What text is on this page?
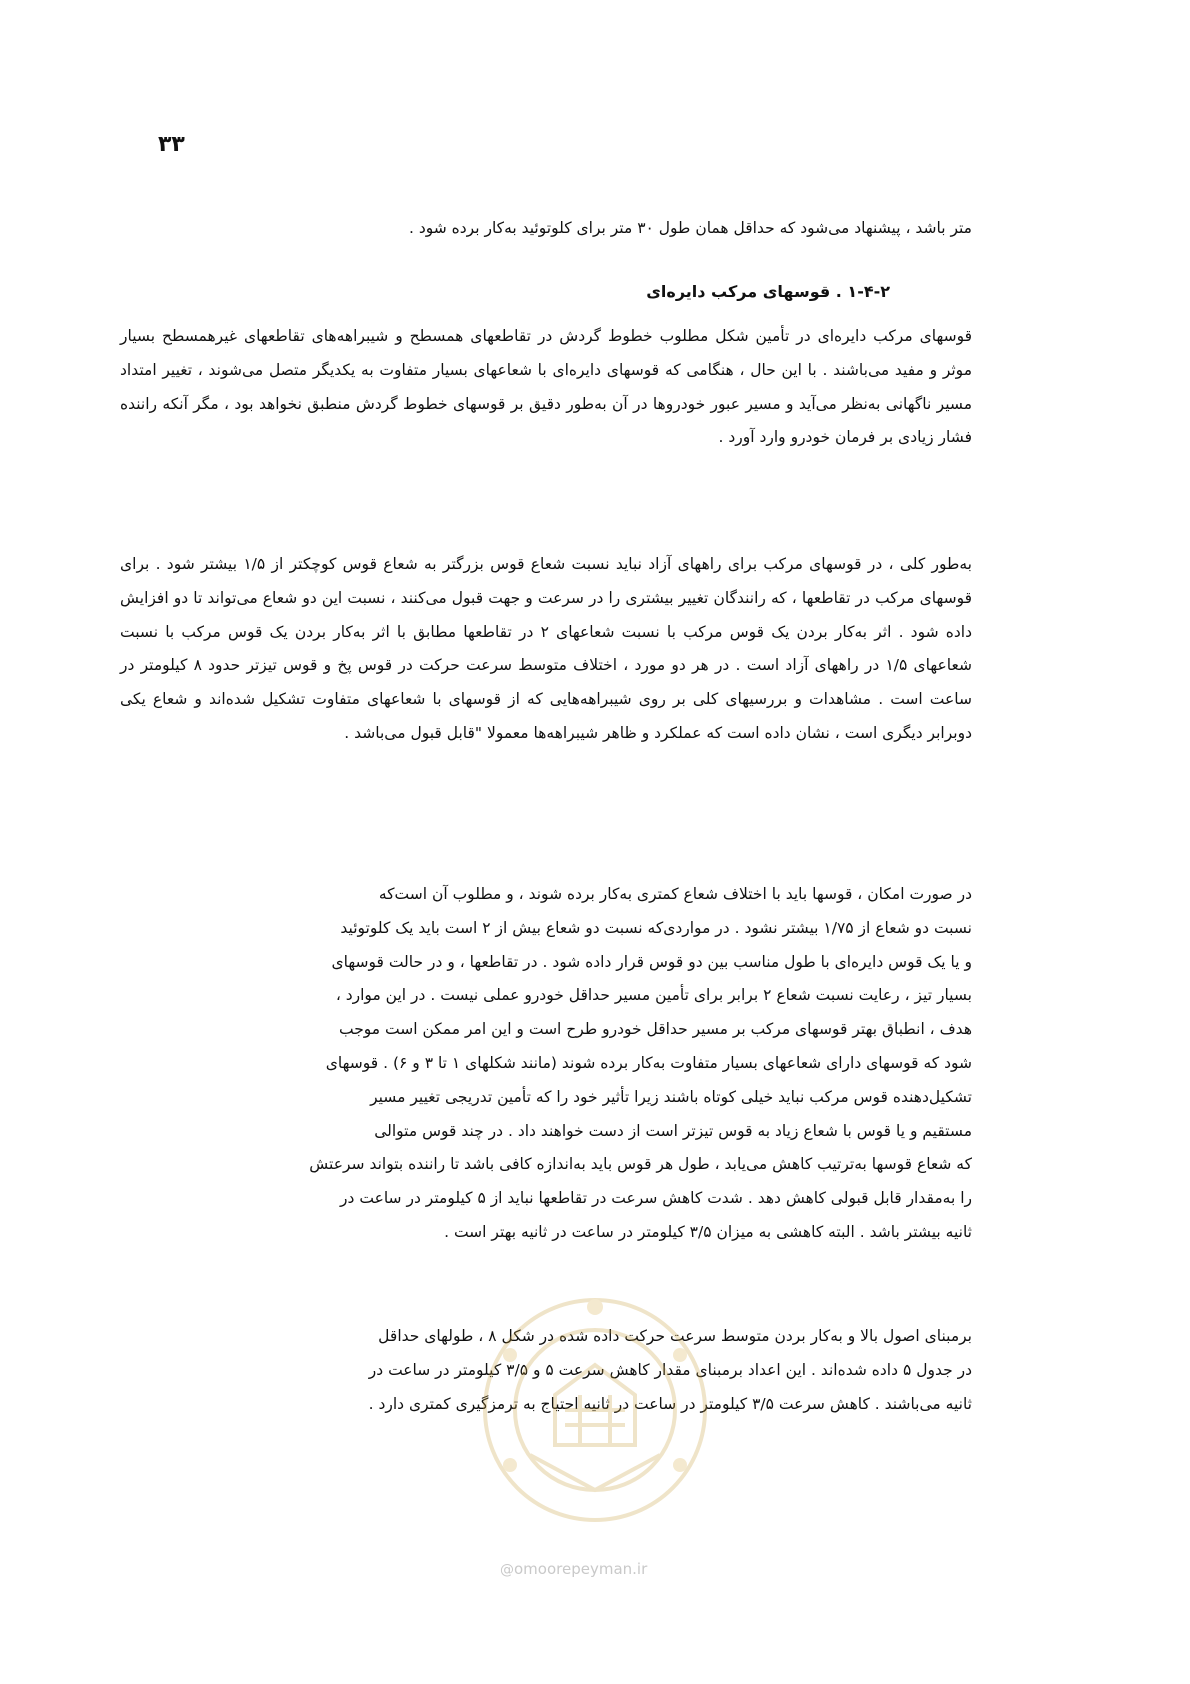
۳۳

متر باشد ، پیشنهاد می‌شود که حداقل همان طول ۳۰ متر برای کلوتوئید به‌کار برده شود .

۱-۴-۲ . قوسهای مرکب دایره‌ای

قوسهای مرکب دایره‌ای در تأمین شکل مطلوب خطوط گردش در تقاطعهای همسطح و شیبراهه‌های تقاطعهای غیرهمسطح بسیار موثر و مفید می‌باشند . با این حال ، هنگامی که قوسهای دایره‌ای با شعاعهای بسیار متفاوت به یکدیگر متصل می‌شوند ، تغییر امتداد مسیر ناگهانی به‌نظر می‌آید و مسیر عبور خودروها در آن به‌طور دقیق بر قوسهای خطوط گردش منطبق نخواهد بود ، مگر آنکه راننده فشار زیادی بر فرمان خودرو وارد آورد .

به‌طور کلی ، در قوسهای مرکب برای راههای آزاد نباید نسبت شعاع قوس بزرگتر به شعاع قوس کوچکتر از ۱/۵ بیشتر شود . برای قوسهای مرکب در تقاطعها ، که رانندگان تغییر بیشتری را در سرعت و جهت قبول می‌کنند ، نسبت این دو شعاع می‌تواند تا دو افزایش داده شود . اثر به‌کار بردن یک قوس مرکب با نسبت شعاعهای ۲ در تقاطعها مطابق با اثر به‌کار بردن یک قوس مرکب با نسبت شعاعهای ۱/۵ در راههای آزاد است . در هر دو مورد ، اختلاف متوسط سرعت حرکت در قوس پخ و قوس تیزتر حدود ۸ کیلومتر در ساعت است . مشاهدات و بررسیهای کلی بر روی شیبراهه‌هایی که از قوسهای با شعاعهای متفاوت تشکیل شده‌اند و شعاع یکی دوبرابر دیگری است ، نشان داده است که عملکرد و ظاهر شیبراهه‌ها معمولا "قابل قبول می‌باشد .

در صورت امکان ، قوسها باید با اختلاف شعاع کمتری به‌کار برده شوند ، و مطلوب آن است‌که

نسبت دو شعاع از ۱/۷۵ بیشتر نشود . در مواردی‌که نسبت دو شعاع بیش از ۲ است باید یک کلوتوئید

و یا یک قوس دایره‌ای با طول مناسب بین دو قوس قرار داده شود . در تقاطعها ، و در حالت قوسهای

بسیار تیز ، رعایت نسبت شعاع ۲ برابر برای تأمین مسیر حداقل خودرو عملی نیست . در این موارد ،

هدف ، انطباق بهتر قوسهای مرکب بر مسیر حداقل خودرو طرح است و این امر ممکن است موجب

شود که قوسهای دارای شعاعهای بسیار متفاوت به‌کار برده شوند (مانند شکلهای ۱ تا ۳ و ۶) . قوسهای

تشکیل‌دهنده قوس مرکب نباید خیلی کوتاه باشند زیرا تأثیر خود را که تأمین تدریجی تغییر مسیر

مستقیم و یا قوس با شعاع زیاد به قوس تیزتر است از دست خواهند داد . در چند قوس متوالی

که شعاع قوسها به‌ترتیب کاهش می‌یابد ، طول هر قوس باید به‌اندازه کافی باشد تا راننده بتواند سرعتش

را به‌مقدار قابل قبولی کاهش دهد . شدت کاهش سرعت در تقاطعها نباید از ۵ کیلومتر در ساعت در

ثانیه بیشتر باشد . البته کاهشی به میزان ۳/۵ کیلومتر در ساعت در ثانیه بهتر است .

برمبنای اصول بالا و به‌کار بردن متوسط سرعت حرکت داده شده در شکل ۸ ، طولهای حداقل

در جدول ۵ داده شده‌اند . این اعداد برمبنای مقدار کاهش سرعت ۵ و ۳/۵ کیلومتر در ساعت در

ثانیه می‌باشند . کاهش سرعت ۳/۵ کیلومتر در ساعت در ثانیه احتیاج به ترمزگیری کمتری دارد .

@omoorepeyman.ir
